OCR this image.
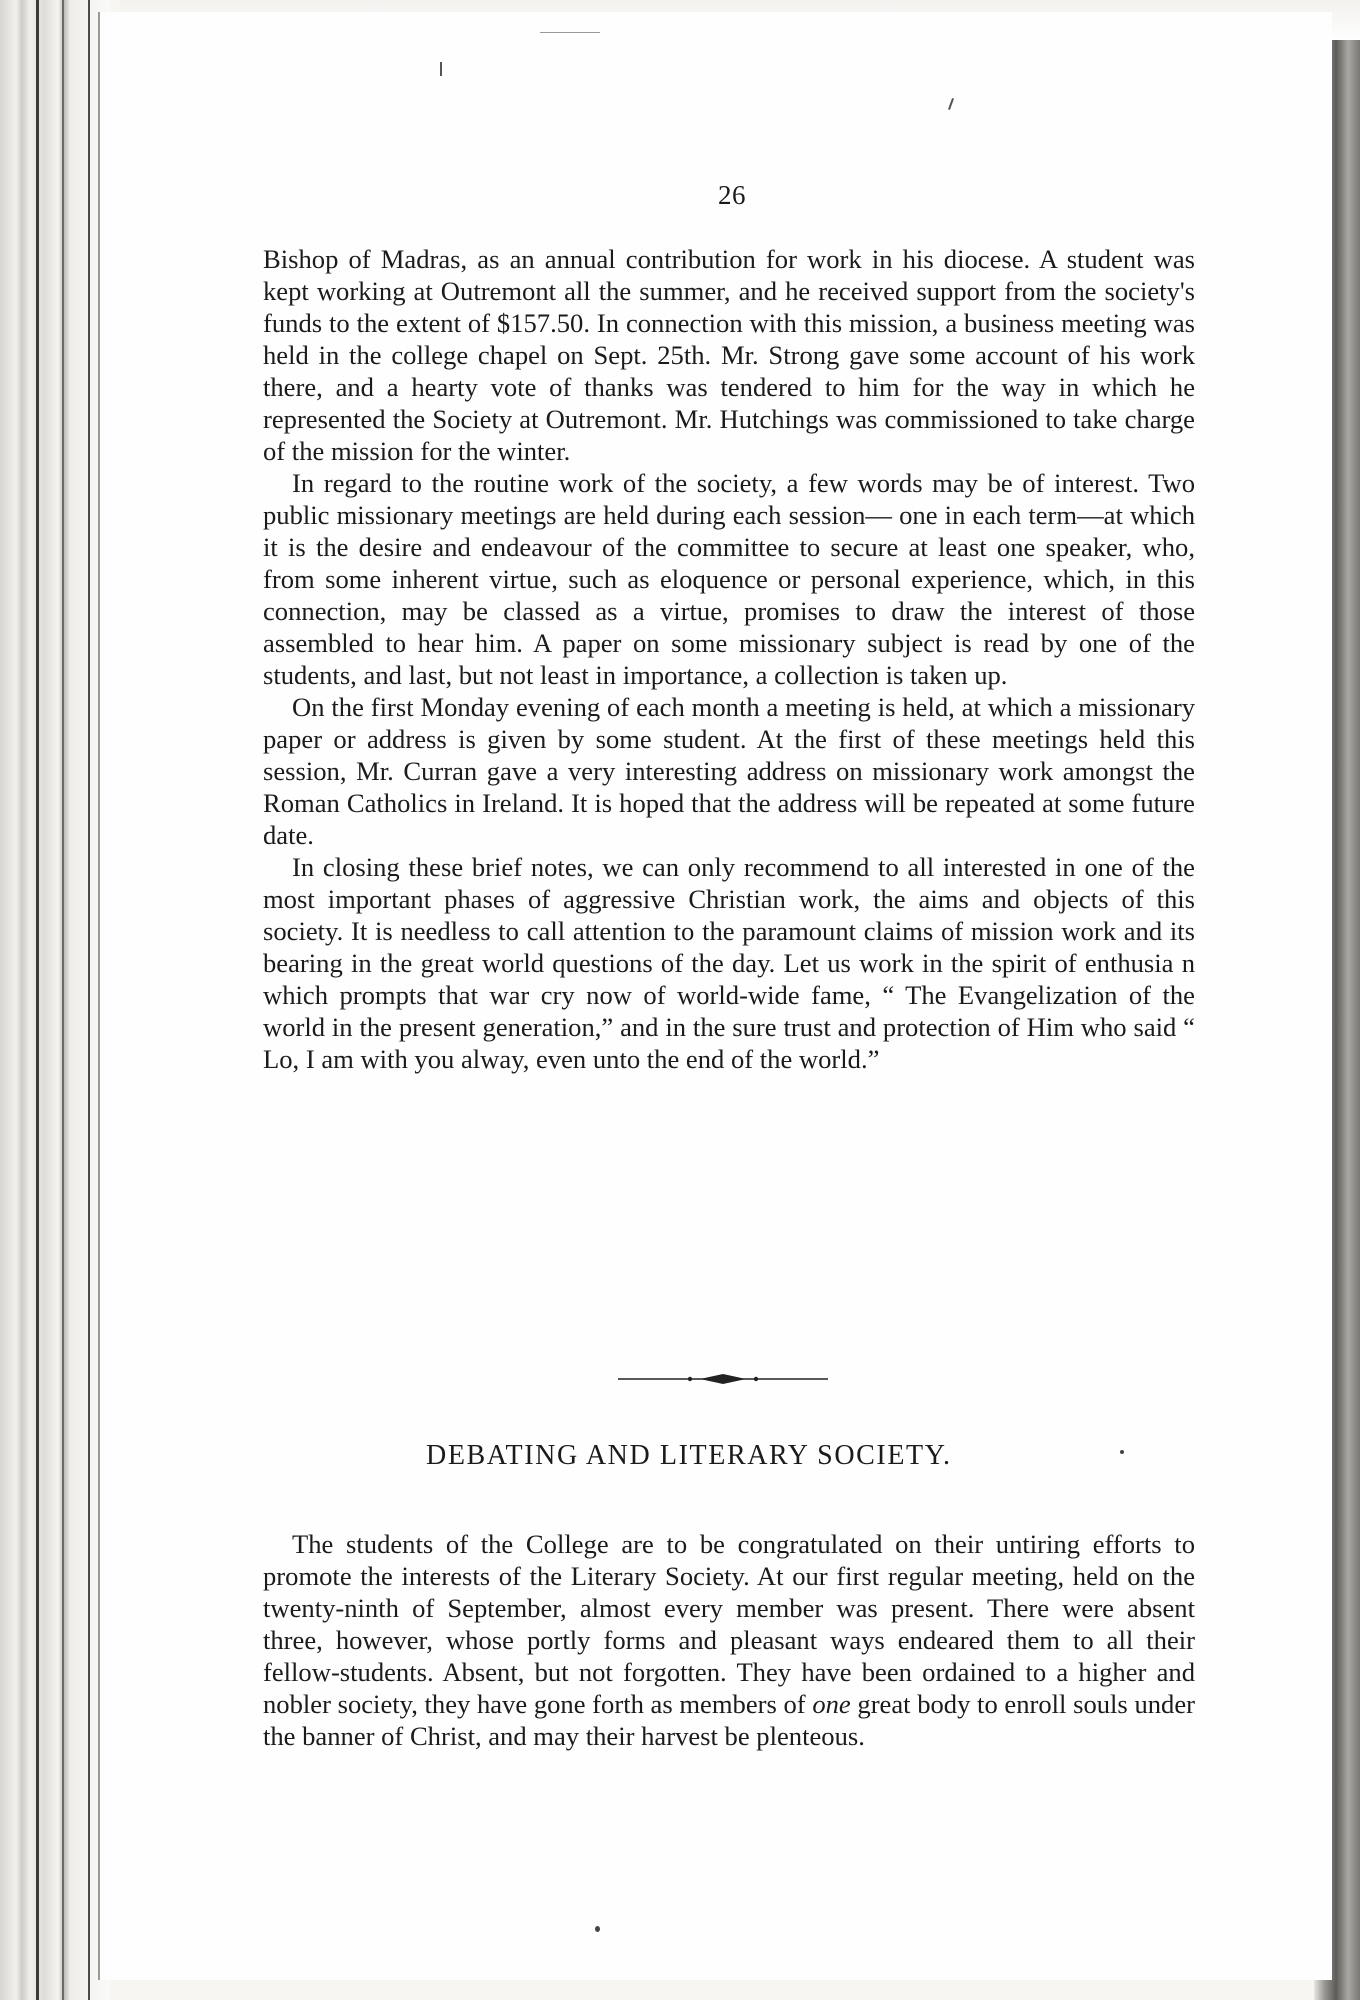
26

Bishop of Madras, as an annual contribution for work in his diocese. A student was kept working at Outremont all the summer, and he received support from the society's funds to the extent of $157.50. In connection with this mission, a business meeting was held in the college chapel on Sept. 25th. Mr. Strong gave some account of his work there, and a hearty vote of thanks was tendered to him for the way in which he represented the Society at Outremont. Mr. Hutchings was commissioned to take charge of the mission for the winter.

In regard to the routine work of the society, a few words may be of interest. Two public missionary meetings are held during each session— one in each term—at which it is the desire and endeavour of the committee to secure at least one speaker, who, from some inherent virtue, such as eloquence or personal experience, which, in this connection, may be classed as a virtue, promises to draw the interest of those assembled to hear him. A paper on some missionary subject is read by one of the students, and last, but not least in importance, a collection is taken up.

On the first Monday evening of each month a meeting is held, at which a missionary paper or address is given by some student. At the first of these meetings held this session, Mr. Curran gave a very interesting address on missionary work amongst the Roman Catholics in Ireland. It is hoped that the address will be repeated at some future date.

In closing these brief notes, we can only recommend to all interested in one of the most important phases of aggressive Christian work, the aims and objects of this society. It is needless to call attention to the paramount claims of mission work and its bearing in the great world questions of the day. Let us work in the spirit of enthusia n which prompts that war cry now of world-wide fame, “ The Evangelization of the world in the present generation,” and in the sure trust and protection of Him who said “ Lo, I am with you alway, even unto the end of the world.”

DEBATING AND LITERARY SOCIETY.

The students of the College are to be congratulated on their untiring efforts to promote the interests of the Literary Society. At our first regular meeting, held on the twenty-ninth of September, almost every member was present. There were absent three, however, whose portly forms and pleasant ways endeared them to all their fellow-students. Absent, but not forgotten. They have been ordained to a higher and nobler society, they have gone forth as members of one great body to enroll souls under the banner of Christ, and may their harvest be plenteous.
